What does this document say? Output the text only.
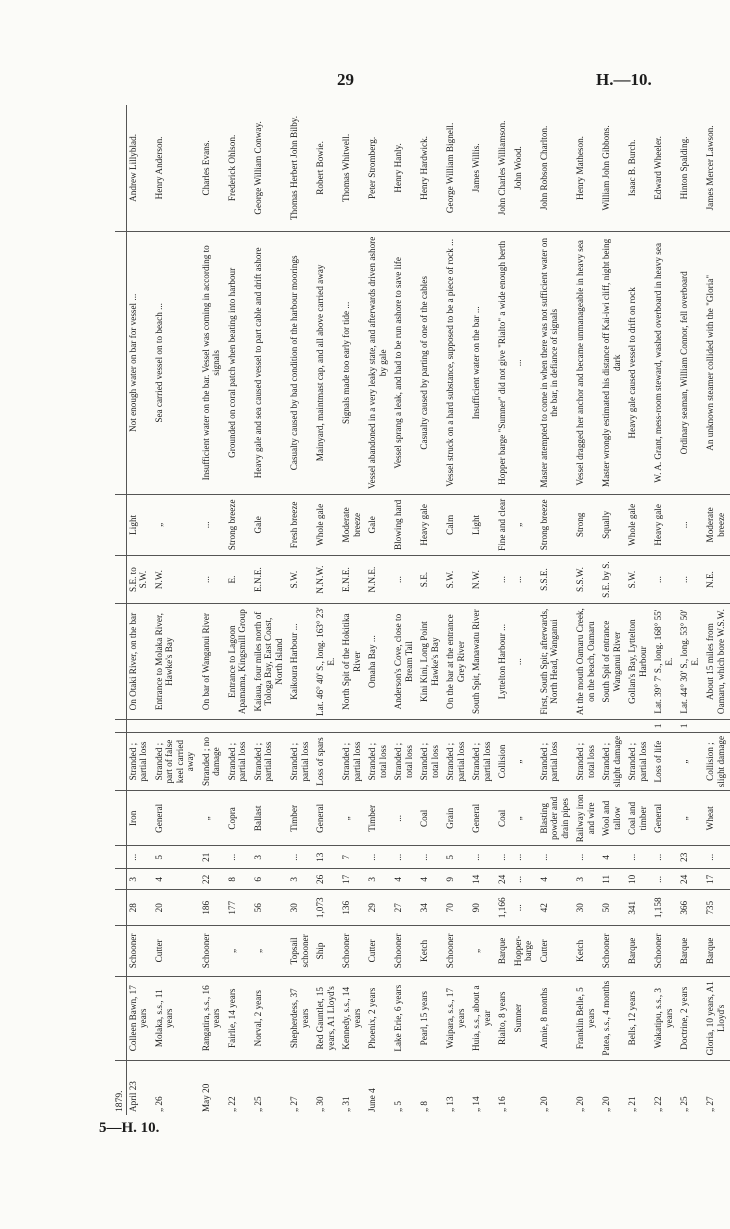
29	H.—10.
5—H. 10.
1879.													
April 23	Colleen Bawn, 17 years	Schooner	28	3	...	Iron	Stranded ; partial loss		On Otaki River, on the bar	S.E. to S.W.	Light	Not enough water on bar for vessel ...	Andrew Lillyblad.
„ 26	Molaka, s.s., 11 years	Cutter	20	4	5	General	Stranded ; part of false keel carried away		Entrance to Molaka River, Hawke's Bay	N.W.	„	Sea carried vessel on to beach ...	Henry Anderson.
May 20	Rangatira, s.s., 16 years	Schooner	186	22	21	„	Stranded ; no damage		On bar of Wanganui River	...	...	Insufficient water on the bar. Vessel was coming in according to signals	Charles Evans.
„ 22	Fairlie, 14 years	„	177	8	...	Copra	Stranded ; partial loss		Entrance to Lagoon Apamama, Kingsmill Group	E.	Strong breeze	Grounded on coral patch when beating into harbour	Frederick Ohlson.
„ 25	Norval, 2 years	„	56	6	3	Ballast	Stranded ; partial loss		Kaiaua, four miles north of Tologa Bay, East Coast, North Island	E.N.E.	Gale	Heavy gale and sea caused vessel to part cable and drift ashore	George William Conway.
„ 27	Shepherdess, 37 years	Topsail schooner	30	3	...	Timber	Stranded ; partial loss		Kaikoura Harbour ...	S.W.	Fresh breeze	Casualty caused by bad condition of the harbour moorings	Thomas Herbert John Bilby.
„ 30	Red Gauntlet, 15 years, A1 Lloyd's	Ship	1,073	26	13	General	Loss of spars		Lat. 46° 40' S., long. 163° 23' E.	N.N.W.	Whole gale	Mainyard, maintmast cap, and all above carried away	Robert Bowie.
„ 31	Kennedy, s.s., 14 years	Schooner	136	17	7	„	Stranded ; partial loss		North Spit of the Hokitika River	E.N.E.	Moderate breeze	Signals made too early for tide ...	Thomas Whitwell.
June 4	Phoenix, 2 years	Cutter	29	3	...	Timber	Stranded ; total loss		Omaha Bay ...	N.N.E.	Gale	Vessel abandoned in a very leaky state, and afterwards driven ashore by gale	Peter Stromberg.
„ 5	Lake Erie, 6 years	Schooner	27	4	...	...	Stranded ; total loss		Anderson's Cove, close to Bream Tail	...	Blowing hard	Vessel sprang a leak, and had to be run ashore to save life	Henry Hanly.
„ 8	Pearl, 15 years	Ketch	34	4	...	Coal	Stranded ; total loss		Kini Kini, Long Point Hawke's Bay	S.E.	Heavy gale	Casualty caused by parting of one of the cables	Henry Hardwick.
„ 13	Waipara, s.s., 17 years	Schooner	70	9	5	Grain	Stranded ; partial loss		On the bar at the entrance Grey River	S.W.	Calm	Vessel struck on a hard substance, supposed to be a piece of rock ...	George William Bignell.
„ 14	Huia, s.s., about a year	„	90	14	...	General	Stranded ; partial loss		South Spit, Manawatu River	N.W.	Light	Insufficient water on the bar ...	James Willis.
„ 16	Rialto, 8 years	Barque	1,166	24	...	Coal	Collision		Lyttelton Harbour ...	...	Fine and clear	Hopper barge "Sumner" did not give "Rialto" a wide enough berth	John Charles Williamson.
	Sumner	Hopper-barge	...	...	...	„	„		...	...	„	...	John Wood.
„ 20	Annie, 8 months	Cutter	42	4	...	Blasting powder and drain pipes	Stranded ; partial loss		First, South Spit; afterwards, North Head, Wanganui	S.S.E.	Strong breeze	Master attempted to come in when there was not sufficient water on the bar, in defiance of signals	John Robson Charlton.
„ 20	Franklin Belle, 5 years	Ketch	30	3	...	Railway iron and wire	Stranded ; total loss		At the mouth Oamaru Creek, on the beach, Oamaru	S.S.W.	Strong	Vessel dragged her anchor and became unmanageable in heavy sea	Henry Matheson.
„ 20	Patea, s.s., 4 months	Schooner	50	11	4	Wool and tallow	Stranded ; slight damage		South Spit of entrance Wanganui River	S.E. by S.	Squally	Master wrongly estimated his distance off Kai-iwi cliff, night being dark	William John Gibbons.
„ 21	Bells, 12 years	Barque	341	10	...	Coal and timber	Stranded ; partial loss		Gollan's Bay, Lyttelton Harbour	S.W.	Whole gale	Heavy gale caused vessel to drift on rock	Isaac B. Burch.
„ 22	Wakatipu, s.s., 3 years	Schooner	1,158	...	...	General	Loss of life	1	Lat. 39° 7' S., long. 168° 55' E.	...	Heavy gale	W. A. Grant, mess-room steward, washed overboard in heavy sea	Edward Wheeler.
„ 25	Doctrine, 2 years	Barque	366	24	23	„	„	1	Lat. 44° 30' S., long. 53° 50' E.	...	...	Ordinary seaman, William Connor, fell overboard	Hinton Spalding.
„ 27	Gloria, 10 years, A1 Lloyd's	Barque	735	17	...	Wheat	Collision ; slight damage		About 15 miles from Oamaru, which bore W.S.W.	N.E.	Moderate breeze	An unknown steamer collided with the "Gloria"	James Mercer Lawson.
